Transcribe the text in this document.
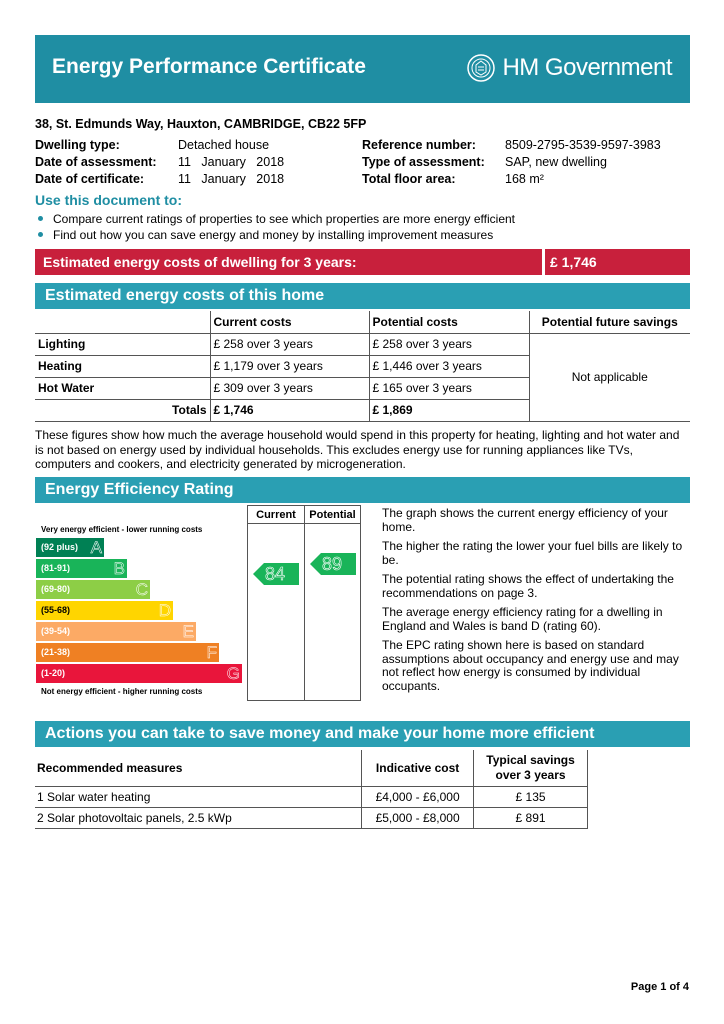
Energy Performance Certificate	HM Government
38, St. Edmunds Way, Hauxton, CAMBRIDGE, CB22 5FP
Dwelling type:	Detached house	Reference number: 8509-2795-3539-9597-3983
Date of assessment: 11   January   2018	Type of assessment: SAP, new dwelling
Date of certificate:	11   January   2018	Total floor area:	168 m²
Use this document to:
Compare current ratings of properties to see which properties are more energy efficient
Find out how you can save energy and money by installing improvement measures
Estimated energy costs of dwelling for 3 years:	£ 1,746
Estimated energy costs of this home
	Current costs	Potential costs	Potential future savings
Lighting	£ 258 over 3 years	£ 258 over 3 years	Not applicable
Heating	£ 1,179 over 3 years	£ 1,446 over 3 years	
Hot Water	£ 309 over 3 years	£ 165 over 3 years	
Totals	£ 1,746	£ 1,869	
These figures show how much the average household would spend in this property for heating, lighting and hot water and is not based on energy used by individual households. This excludes energy use for running appliances like TVs, computers and cookers, and electricity generated by microgeneration.
Energy Efficiency Rating
Very energy efficient - lower running costs
(92 plus) A
(81-91)	B
(69-80)	C
(55-68)	D
(39-54)	E
(21-38)	F
(1-20)	G
Not energy efficient - higher running costs
Current	Potential
84 89

The graph shows the current energy efficiency of your home.

The higher the rating the lower your fuel bills are likely to be.

The potential rating shows the effect of undertaking the recommendations on page 3.

The average energy efficiency rating for a dwelling in England and Wales is band D (rating 60).

The EPC rating shown here is based on standard assumptions about occupancy and energy use and may not reflect how energy is consumed by individual occupants.

Actions you can take to save money and make your home more efficient
Recommended measures	Indicative cost	Typical savings over 3 years
1 Solar water heating	£4,000 - £6,000	£ 135
2 Solar photovoltaic panels, 2.5 kWp	£5,000 - £8,000	£ 891
Page 1 of 4
